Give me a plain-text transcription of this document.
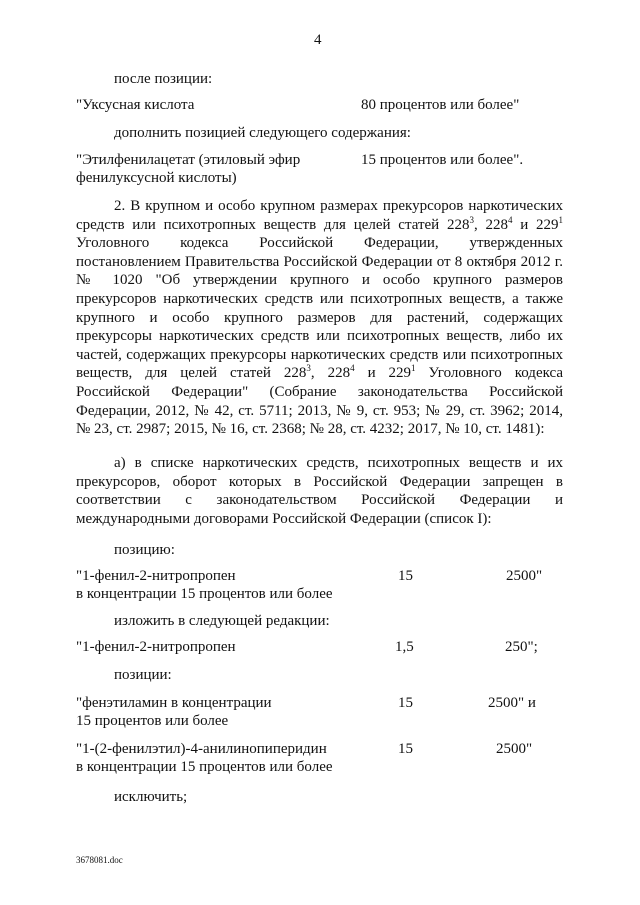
4
после позиции:
"Уксусная кислота	80 процентов или более"
дополнить позицией следующего содержания:
"Этилфенилацетат (этиловый эфир	15 процентов или более".
фенилуксусной кислоты)
2. В крупном и особо крупном размерах прекурсоров наркотических
средств или психотропных веществ для целей статей $228^3$, $228^4$ и $229^1$
Уголовного кодекса Российской Федерации, утвержденных
постановлением Правительства Российской Федерации от 8 октября 2012 г.
№ 1020 "Об утверждении крупного и особо крупного размеров
прекурсоров наркотических средств или психотропных веществ, а также
крупного и особо крупного размеров для растений, содержащих
прекурсоры наркотических средств или психотропных веществ, либо их
частей, содержащих прекурсоры наркотических средств или психотропных
веществ, для целей статей $228^3$, $228^4$ и $229^1$ Уголовного кодекса
Российской Федерации" (Собрание законодательства Российской
Федерации, 2012, № 42, ст. 5711; 2013, № 9, ст. 953; № 29, ст. 3962; 2014,
№ 23, ст. 2987; 2015, № 16, ст. 2368; № 28, ст. 4232; 2017, № 10, ст. 1481):
а) в списке наркотических средств, психотропных веществ и их
прекурсоров, оборот которых в Российской Федерации запрещен в
соответствии с законодательством Российской Федерации и
международными договорами Российской Федерации (список I):
позицию:
"1-фенил-2-нитропропен	15	2500"
в концентрации 15 процентов или более
изложить в следующей редакции:
"1-фенил-2-нитропропен	1,5	250";
позиции:
"фенэтиламин в концентрации	15	2500" и
15 процентов или более
"1-(2-фенилэтил)-4-анилинопиперидин	15	2500"
в концентрации 15 процентов или более
исключить;
3678081.doc
